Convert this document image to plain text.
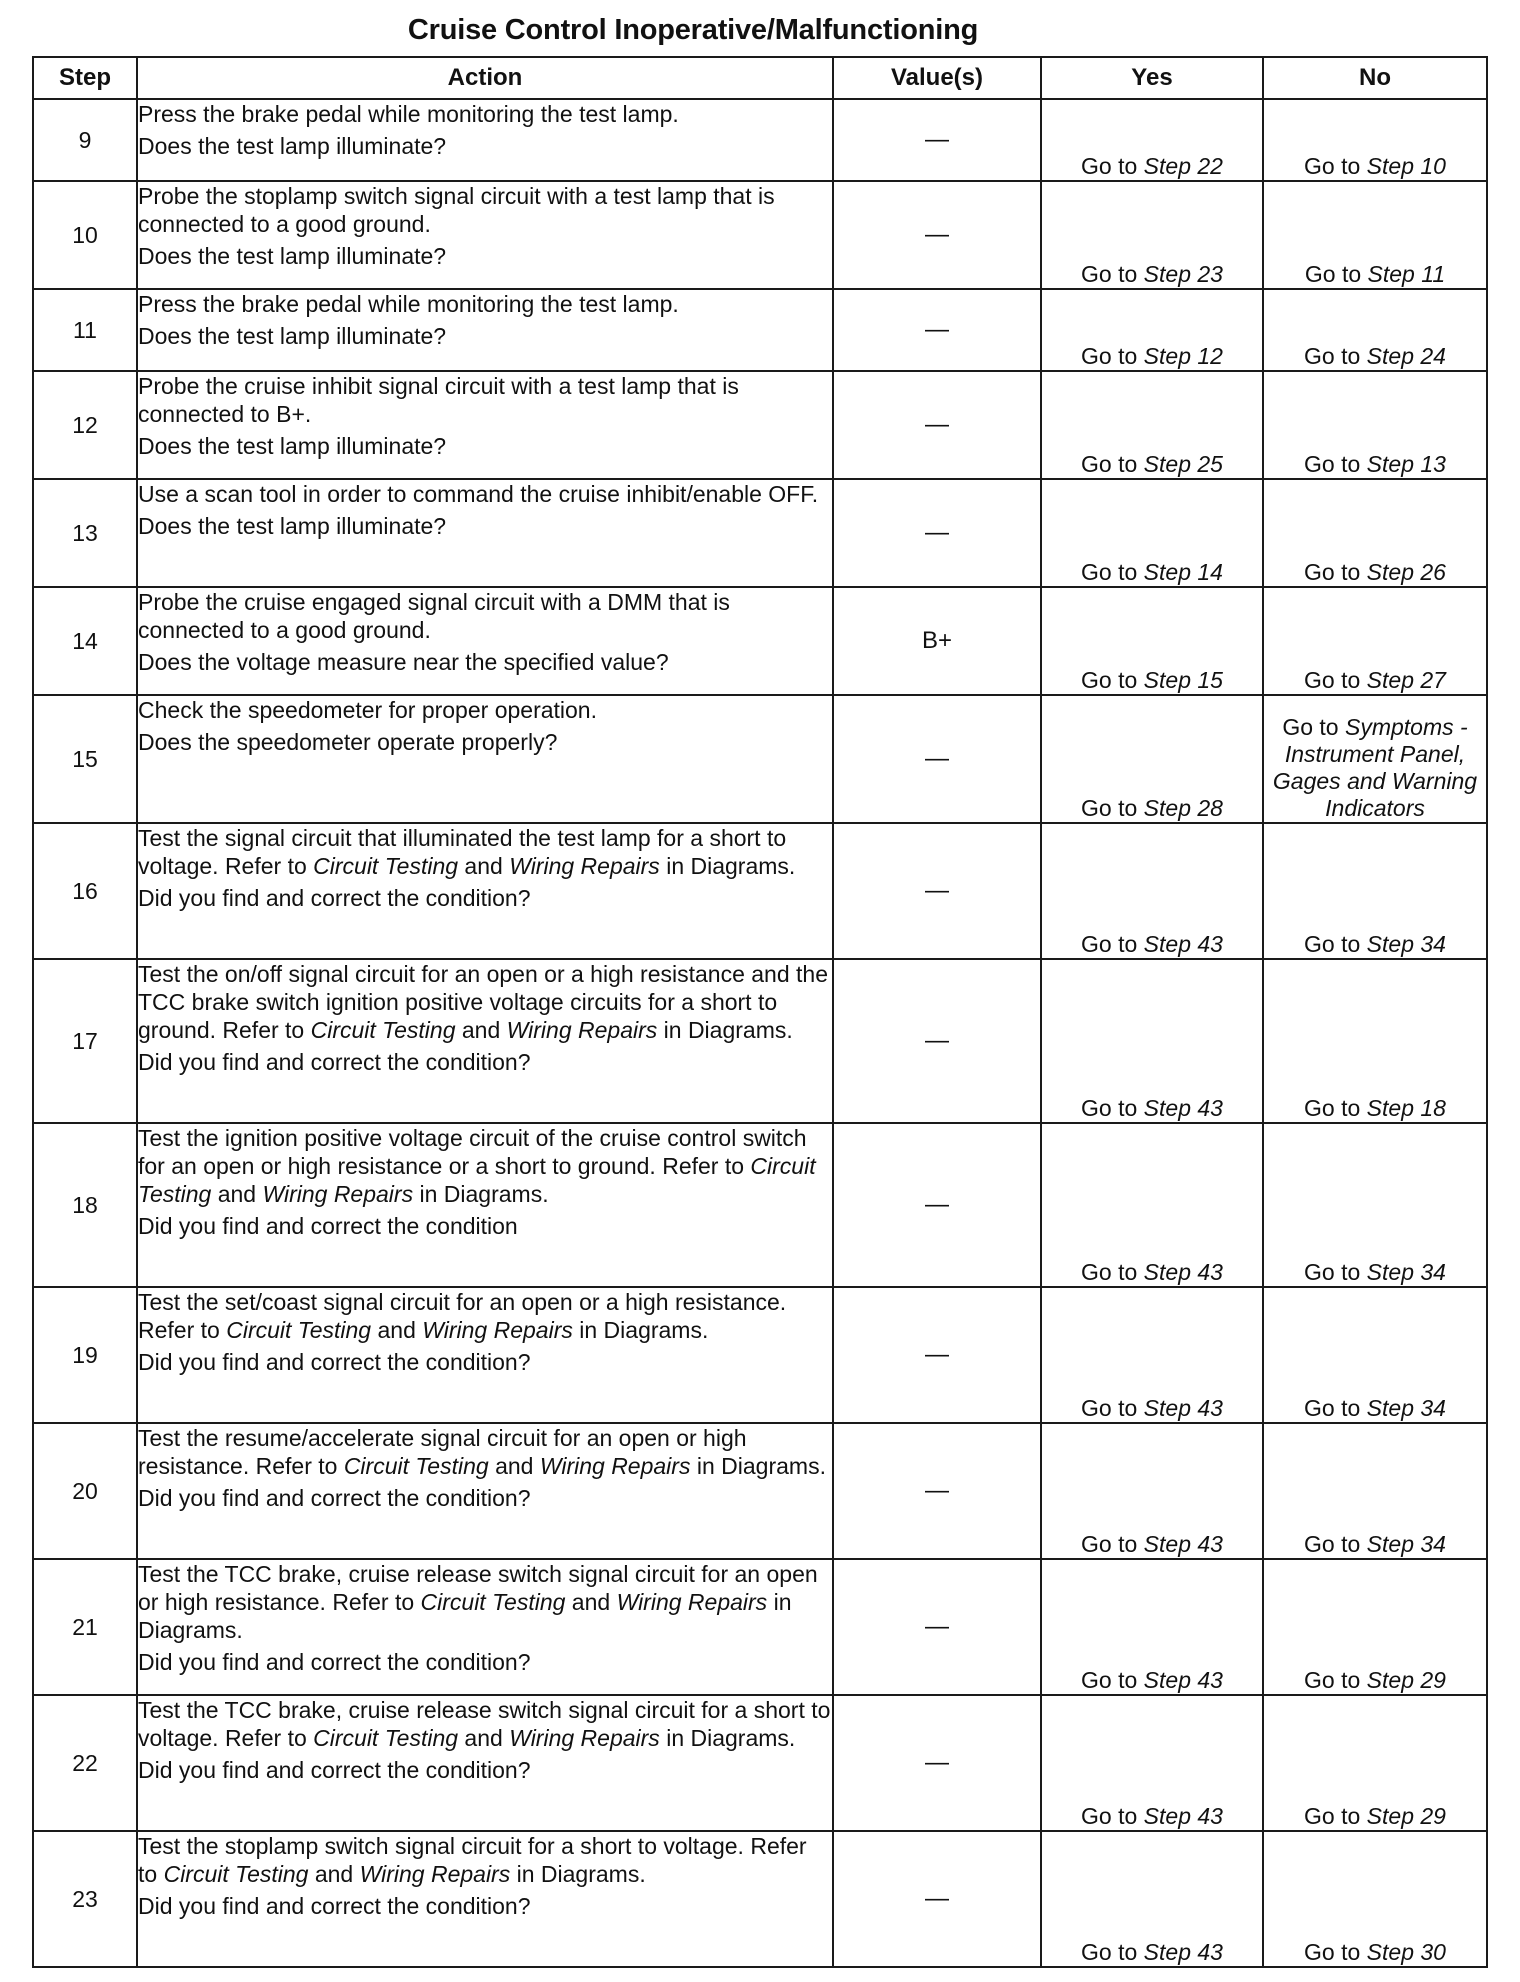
Cruise Control Inoperative/Malfunctioning
Step	Action	Value(s)	Yes	No
9	Press the brake pedal while monitoring the test lamp.
Does the test lamp illuminate?	—	Go to Step 22	Go to Step 10
10	Probe the stoplamp switch signal circuit with a test lamp that is connected to a good ground.
Does the test lamp illuminate?	—	Go to Step 23	Go to Step 11
11	Press the brake pedal while monitoring the test lamp.
Does the test lamp illuminate?	—	Go to Step 12	Go to Step 24
12	Probe the cruise inhibit signal circuit with a test lamp that is connected to B+.
Does the test lamp illuminate?	—	Go to Step 25	Go to Step 13
13	Use a scan tool in order to command the cruise inhibit/enable OFF.
Does the test lamp illuminate?	—	Go to Step 14	Go to Step 26
14	Probe the cruise engaged signal circuit with a DMM that is connected to a good ground.
Does the voltage measure near the specified value?	B+	Go to Step 15	Go to Step 27
15	Check the speedometer for proper operation.
Does the speedometer operate properly?	—	Go to Step 28	Go to Symptoms - Instrument Panel, Gages and Warning Indicators
16	Test the signal circuit that illuminated the test lamp for a short to voltage. Refer to Circuit Testing and Wiring Repairs in Diagrams.
Did you find and correct the condition?	—	Go to Step 43	Go to Step 34
17	Test the on/off signal circuit for an open or a high resistance and the TCC brake switch ignition positive voltage circuits for a short to ground. Refer to Circuit Testing and Wiring Repairs in Diagrams.
Did you find and correct the condition?	—	Go to Step 43	Go to Step 18
18	Test the ignition positive voltage circuit of the cruise control switch for an open or high resistance or a short to ground. Refer to Circuit Testing and Wiring Repairs in Diagrams.
Did you find and correct the condition	—	Go to Step 43	Go to Step 34
19	Test the set/coast signal circuit for an open or a high resistance. Refer to Circuit Testing and Wiring Repairs in Diagrams.
Did you find and correct the condition?	—	Go to Step 43	Go to Step 34
20	Test the resume/accelerate signal circuit for an open or high resistance. Refer to Circuit Testing and Wiring Repairs in Diagrams.
Did you find and correct the condition?	—	Go to Step 43	Go to Step 34
21	Test the TCC brake, cruise release switch signal circuit for an open or high resistance. Refer to Circuit Testing and Wiring Repairs in Diagrams.
Did you find and correct the condition?	—	Go to Step 43	Go to Step 29
22	Test the TCC brake, cruise release switch signal circuit for a short to voltage. Refer to Circuit Testing and Wiring Repairs in Diagrams.
Did you find and correct the condition?	—	Go to Step 43	Go to Step 29
23	Test the stoplamp switch signal circuit for a short to voltage. Refer to Circuit Testing and Wiring Repairs in Diagrams.
Did you find and correct the condition?	—	Go to Step 43	Go to Step 30
